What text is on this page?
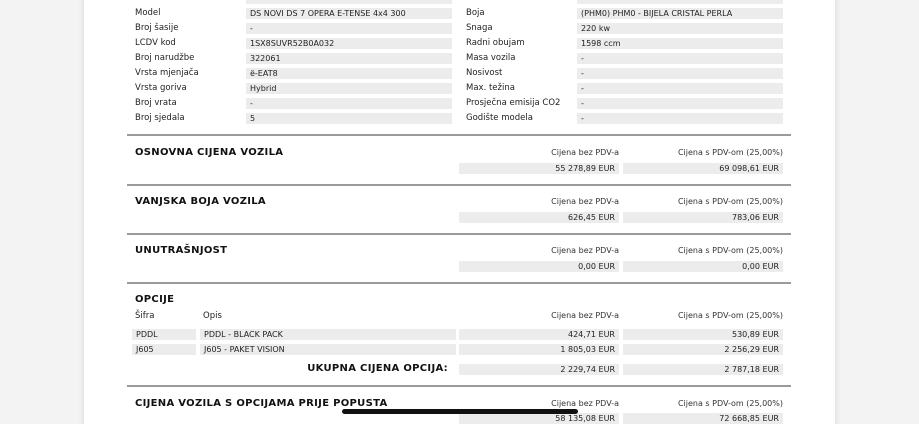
Model	DS NOVI DS 7 OPERA E-TENSE 4x4 300
Broj šasije	-
LCDV kod	1SX8SUVR52B0A032
Broj narudžbe	322061
Vrsta mjenjača	ë-EAT8
Vrsta goriva	Hybrid
Broj vrata	-
Broj sjedala	5
Boja	(PHM0) PHM0 - BIJELA CRISTAL PERLA
Snaga	220 kw
Radni obujam	1598 ccm
Masa vozila	-
Nosivost	-
Max. težina	-
Prosječna emisija CO2	-
Godište modela	-
OSNOVNA CIJENA VOZILA	Cijena bez PDV-a	Cijena s PDV-om (25,00%)
55 278,89 EUR	69 098,61 EUR
VANJSKA BOJA VOZILA	Cijena bez PDV-a	Cijena s PDV-om (25,00%)
626,45 EUR	783,06 EUR
UNUTRAŠNJOST	Cijena bez PDV-a	Cijena s PDV-om (25,00%)
0,00 EUR	0,00 EUR
OPCIJE
Šifra	Opis	Cijena bez PDV-a	Cijena s PDV-om (25,00%)
PDDL	PDDL - BLACK PACK	424,71 EUR	530,89 EUR
J605	J605 - PAKET VISION	1 805,03 EUR	2 256,29 EUR
UKUPNA CIJENA OPCIJA:	2 229,74 EUR	2 787,18 EUR
CIJENA VOZILA S OPCIJAMA PRIJE POPUSTA	Cijena bez PDV-a	Cijena s PDV-om (25,00%)
58 135,08 EUR	72 668,85 EUR
